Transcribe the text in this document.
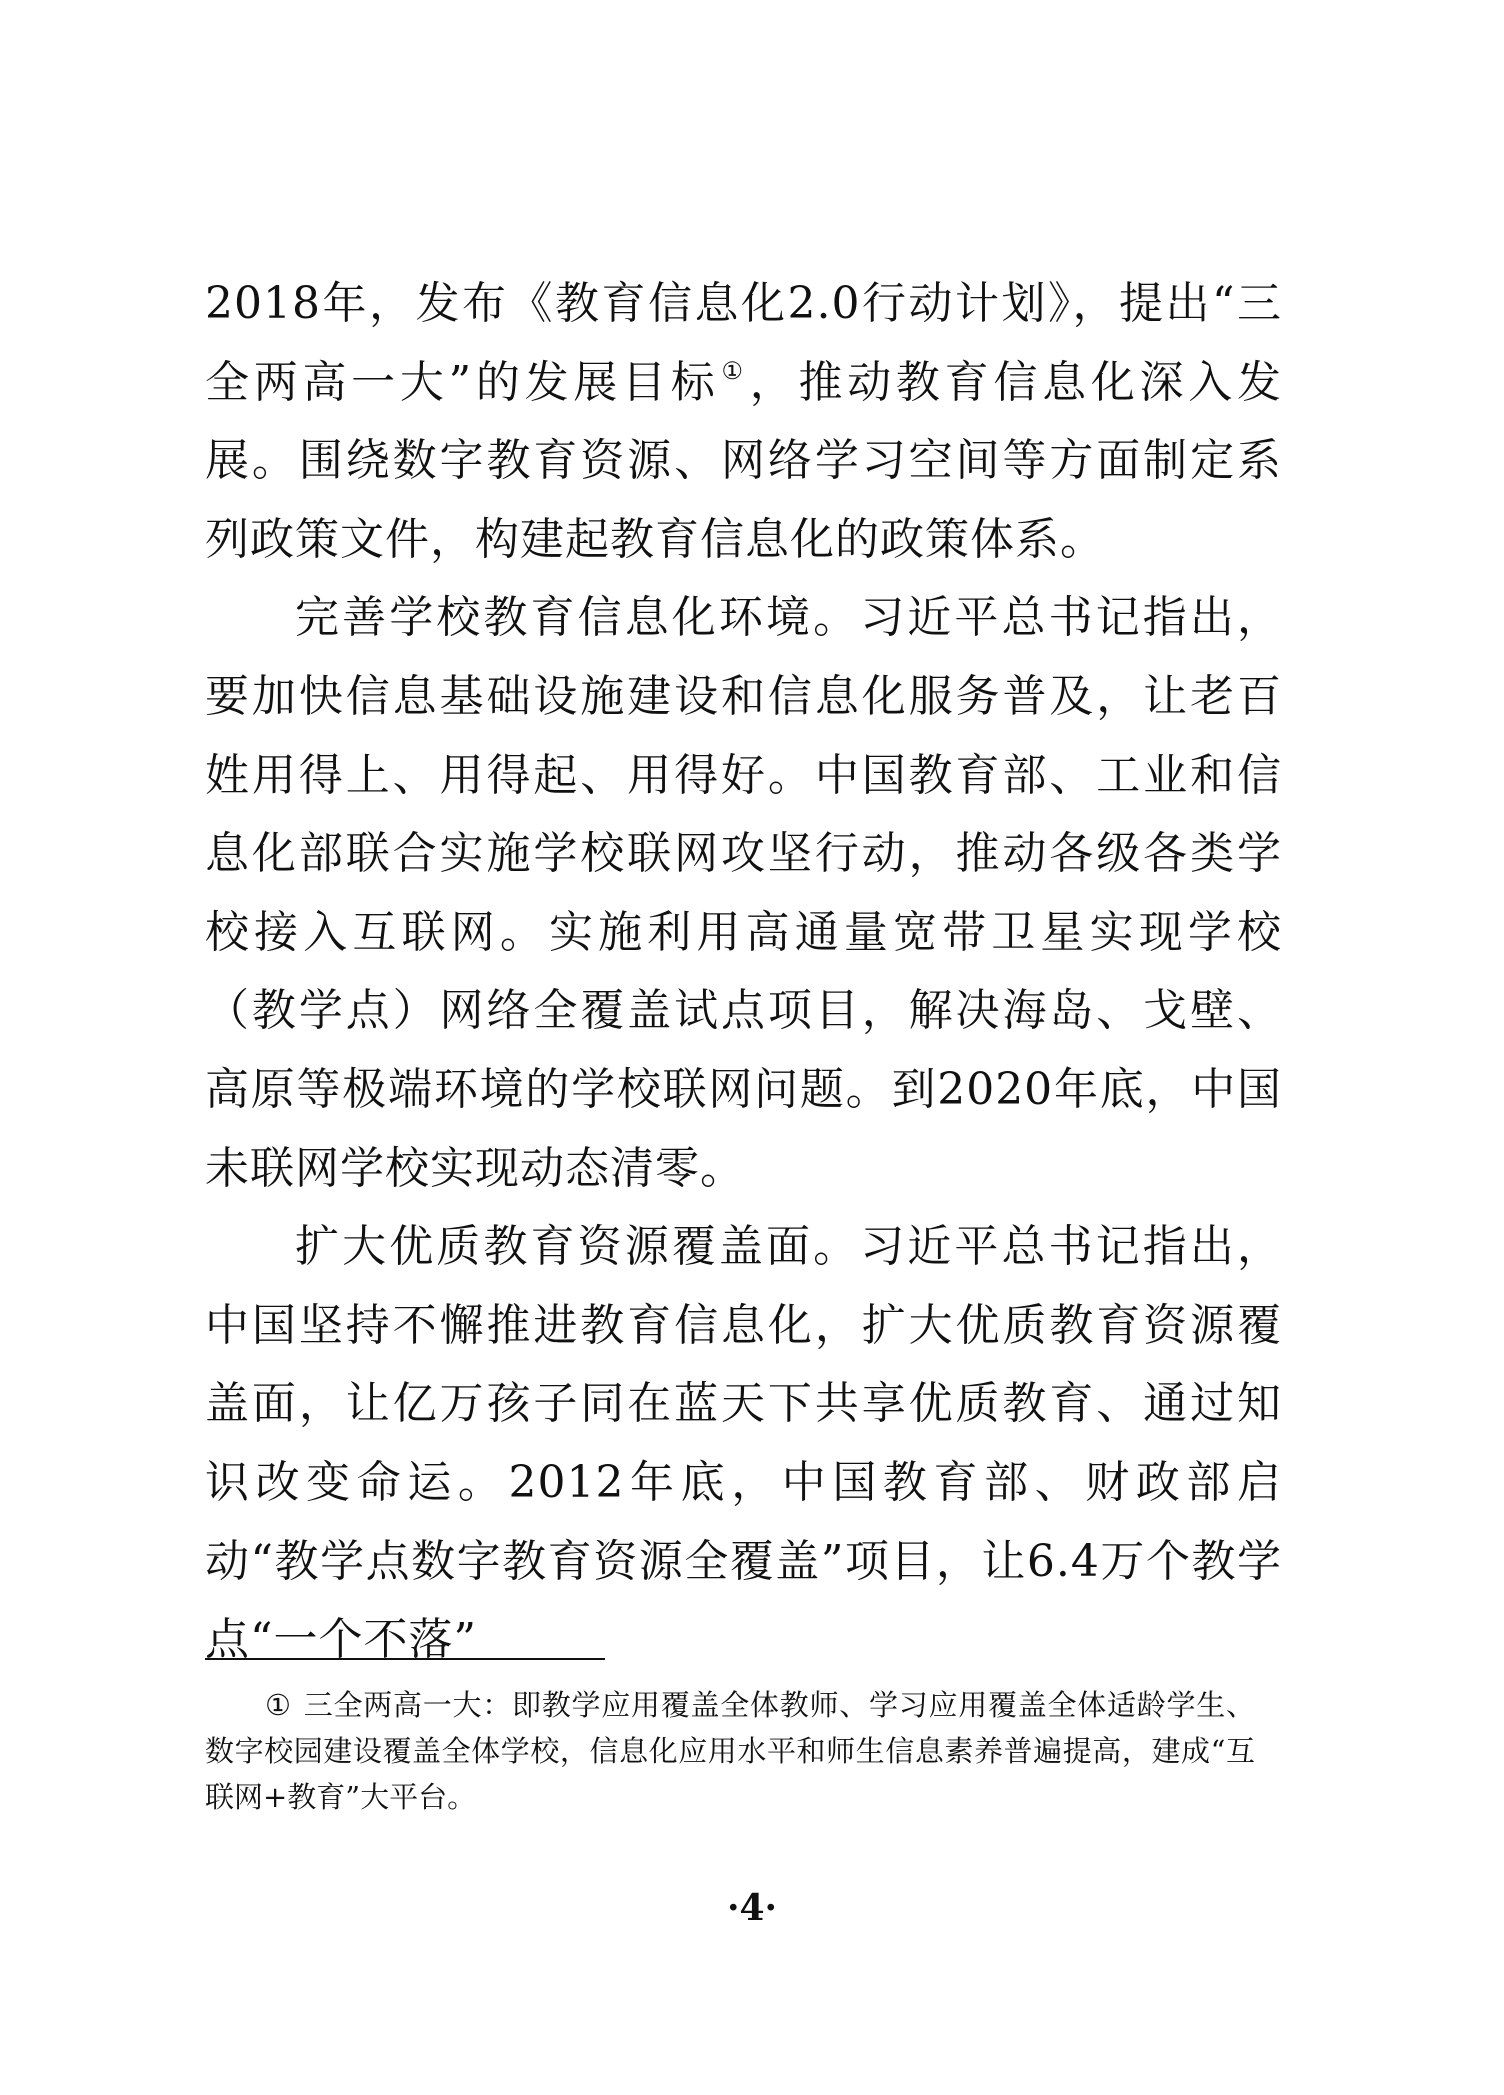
2018年，发布《教育信息化2.0行动计划》，提出“三全两高一大”的发展目标①，推动教育信息化深入发展。围绕数字教育资源、网络学习空间等方面制定系列政策文件，构建起教育信息化的政策体系。

完善学校教育信息化环境。习近平总书记指出，要加快信息基础设施建设和信息化服务普及，让老百姓用得上、用得起、用得好。中国教育部、工业和信息化部联合实施学校联网攻坚行动，推动各级各类学校接入互联网。实施利用高通量宽带卫星实现学校（教学点）网络全覆盖试点项目，解决海岛、戈壁、高原等极端环境的学校联网问题。到2020年底，中国未联网学校实现动态清零。

扩大优质教育资源覆盖面。习近平总书记指出，中国坚持不懈推进教育信息化，扩大优质教育资源覆盖面，让亿万孩子同在蓝天下共享优质教育、通过知识改变命运。2012年底，中国教育部、财政部启动“教学点数字教育资源全覆盖”项目，让6.4万个教学点“一个不落”

① 三全两高一大：即教学应用覆盖全体教师、学习应用覆盖全体适龄学生、数字校园建设覆盖全体学校，信息化应用水平和师生信息素养普遍提高，建成“互联网+教育”大平台。
·4·
